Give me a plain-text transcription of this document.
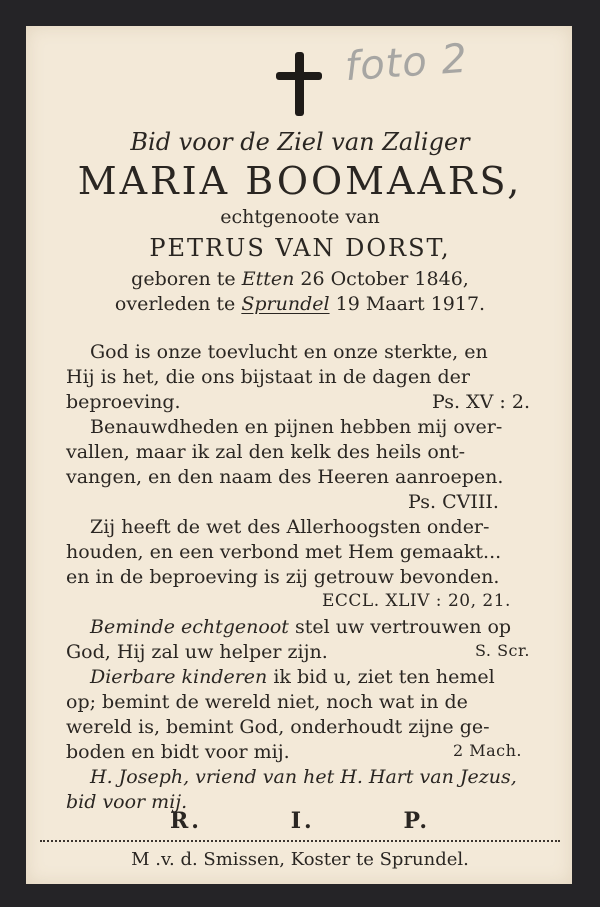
foto 2
Bid voor de Ziel van Zaliger
MARIA BOOMAARS,
echtgenoote van
PETRUS VAN DORST,
geboren te Etten 26 October 1846,
overleden te Sprundel 19 Maart 1917.
God is onze toevlucht en onze sterkte, en
Hij is het, die ons bijstaat in de dagen der
beproeving.	Ps. XV : 2.
Benauwdheden en pijnen hebben mij over-
vallen, maar ik zal den kelk des heils ont-
vangen, en den naam des Heeren aanroepen.
Ps. CVIII.
Zij heeft de wet des Allerhoogsten onder-
houden, en een verbond met Hem gemaakt...
en in de beproeving is zij getrouw bevonden.
ECCL. XLIV : 20, 21.
Beminde echtgenoot stel uw vertrouwen op
God, Hij zal uw helper zijn.	S. Scr.
Dierbare kinderen ik bid u, ziet ten hemel
op; bemint de wereld niet, noch wat in de
wereld is, bemint God, onderhoudt zijne ge-
boden en bidt voor mij.	2 Mach.
H. Joseph, vriend van het H. Hart van Jezus,
bid voor mij.
R.	I.	P.
M .v. d. Smissen, Koster te Sprundel.
